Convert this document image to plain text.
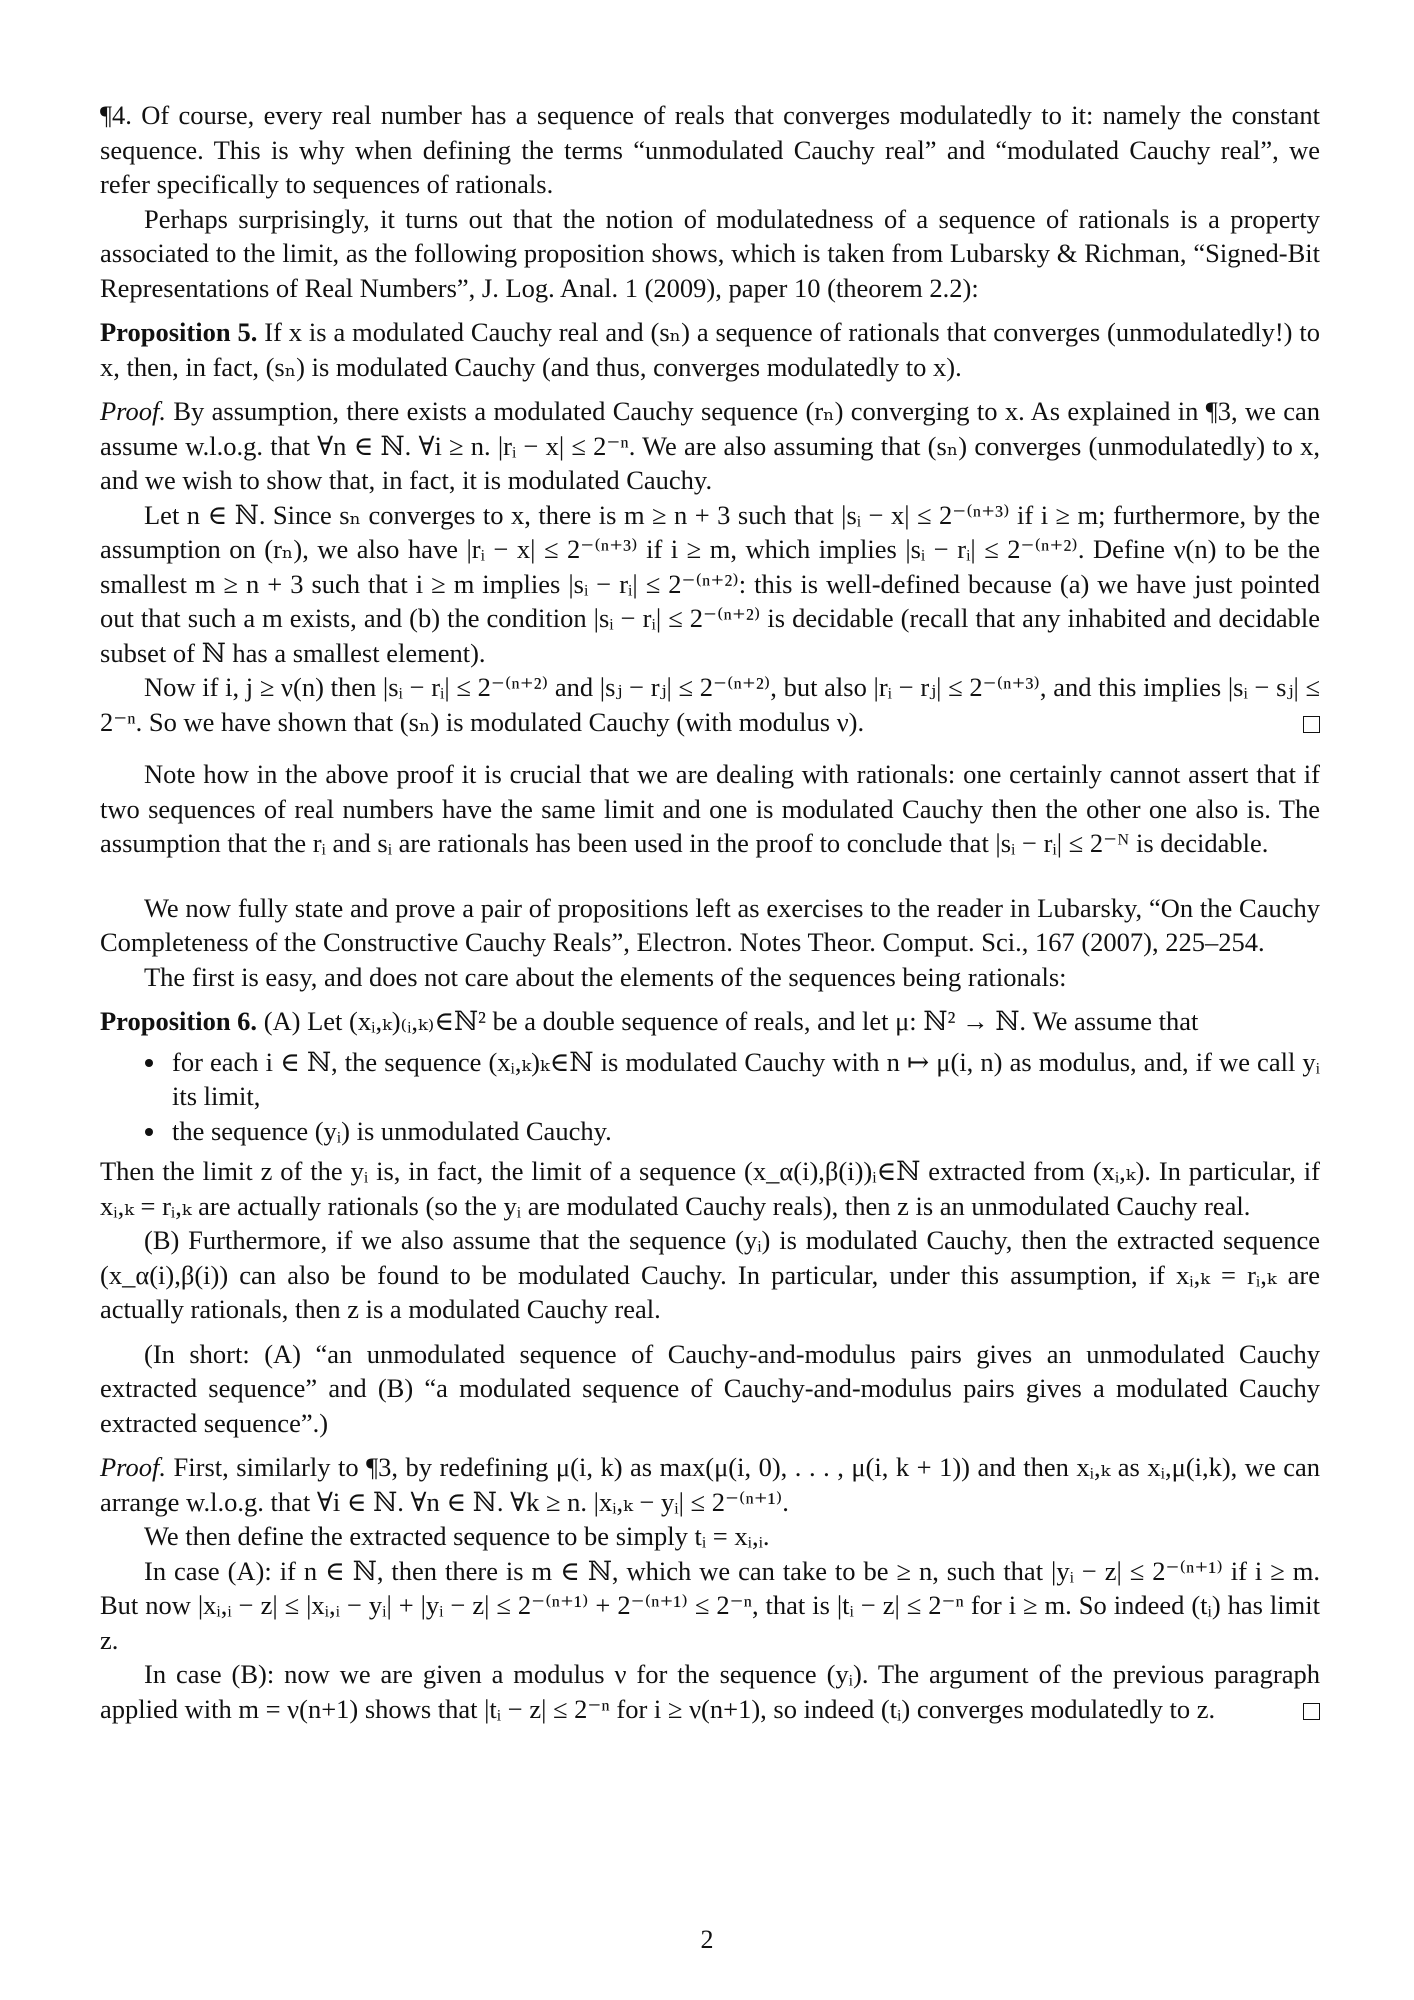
¶4. Of course, every real number has a sequence of reals that converges modulatedly to it: namely the constant sequence. This is why when defining the terms “unmodulated Cauchy real” and “modulated Cauchy real”, we refer specifically to sequences of rationals.

Perhaps surprisingly, it turns out that the notion of modulatedness of a sequence of rationals is a property associated to the limit, as the following proposition shows, which is taken from Lubarsky & Richman, “Signed-Bit Representations of Real Numbers”, J. Log. Anal. 1 (2009), paper 10 (theorem 2.2):

Proposition 5. If x is a modulated Cauchy real and (sₙ) a sequence of rationals that converges (unmodulatedly!) to x, then, in fact, (sₙ) is modulated Cauchy (and thus, converges modulatedly to x).

Proof. By assumption, there exists a modulated Cauchy sequence (rₙ) converging to x. As explained in ¶3, we can assume w.l.o.g. that ∀n ∈ ℕ. ∀i ≥ n. |rᵢ − x| ≤ 2⁻ⁿ. We are also assuming that (sₙ) converges (unmodulatedly) to x, and we wish to show that, in fact, it is modulated Cauchy.

Let n ∈ ℕ. Since sₙ converges to x, there is m ≥ n + 3 such that |sᵢ − x| ≤ 2⁻⁽ⁿ⁺³⁾ if i ≥ m; furthermore, by the assumption on (rₙ), we also have |rᵢ − x| ≤ 2⁻⁽ⁿ⁺³⁾ if i ≥ m, which implies |sᵢ − rᵢ| ≤ 2⁻⁽ⁿ⁺²⁾. Define ν(n) to be the smallest m ≥ n + 3 such that i ≥ m implies |sᵢ − rᵢ| ≤ 2⁻⁽ⁿ⁺²⁾: this is well-defined because (a) we have just pointed out that such a m exists, and (b) the condition |sᵢ − rᵢ| ≤ 2⁻⁽ⁿ⁺²⁾ is decidable (recall that any inhabited and decidable subset of ℕ has a smallest element).

Now if i, j ≥ ν(n) then |sᵢ − rᵢ| ≤ 2⁻⁽ⁿ⁺²⁾ and |sⱼ − rⱼ| ≤ 2⁻⁽ⁿ⁺²⁾, but also |rᵢ − rⱼ| ≤ 2⁻⁽ⁿ⁺³⁾, and this implies |sᵢ − sⱼ| ≤ 2⁻ⁿ. So we have shown that (sₙ) is modulated Cauchy (with modulus ν).

Note how in the above proof it is crucial that we are dealing with rationals: one certainly cannot assert that if two sequences of real numbers have the same limit and one is modulated Cauchy then the other one also is. The assumption that the rᵢ and sᵢ are rationals has been used in the proof to conclude that |sᵢ − rᵢ| ≤ 2⁻ᴺ is decidable.

We now fully state and prove a pair of propositions left as exercises to the reader in Lubarsky, “On the Cauchy Completeness of the Constructive Cauchy Reals”, Electron. Notes Theor. Comput. Sci., 167 (2007), 225–254.

The first is easy, and does not care about the elements of the sequences being rationals:

Proposition 6. (A) Let (xᵢ,ₖ)₍ᵢ,ₖ₎∈ℕ² be a double sequence of reals, and let μ: ℕ² → ℕ. We assume that

• for each i ∈ ℕ, the sequence (xᵢ,ₖ)ₖ∈ℕ is modulated Cauchy with n ↦ μ(i, n) as modulus, and, if we call yᵢ its limit,
• the sequence (yᵢ) is unmodulated Cauchy.

Then the limit z of the yᵢ is, in fact, the limit of a sequence (x_α(i),β(i))ᵢ∈ℕ extracted from (xᵢ,ₖ). In particular, if xᵢ,ₖ = rᵢ,ₖ are actually rationals (so the yᵢ are modulated Cauchy reals), then z is an unmodulated Cauchy real.

(B) Furthermore, if we also assume that the sequence (yᵢ) is modulated Cauchy, then the extracted sequence (x_α(i),β(i)) can also be found to be modulated Cauchy. In particular, under this assumption, if xᵢ,ₖ = rᵢ,ₖ are actually rationals, then z is a modulated Cauchy real.

(In short: (A) “an unmodulated sequence of Cauchy-and-modulus pairs gives an unmodulated Cauchy extracted sequence” and (B) “a modulated sequence of Cauchy-and-modulus pairs gives a modulated Cauchy extracted sequence”.)

Proof. First, similarly to ¶3, by redefining μ(i, k) as max(μ(i, 0), . . . , μ(i, k + 1)) and then xᵢ,ₖ as xᵢ,μ(i,k), we can arrange w.l.o.g. that ∀i ∈ ℕ. ∀n ∈ ℕ. ∀k ≥ n. |xᵢ,ₖ − yᵢ| ≤ 2⁻⁽ⁿ⁺¹⁾.

We then define the extracted sequence to be simply tᵢ = xᵢ,ᵢ.

In case (A): if n ∈ ℕ, then there is m ∈ ℕ, which we can take to be ≥ n, such that |yᵢ − z| ≤ 2⁻⁽ⁿ⁺¹⁾ if i ≥ m. But now |xᵢ,ᵢ − z| ≤ |xᵢ,ᵢ − yᵢ| + |yᵢ − z| ≤ 2⁻⁽ⁿ⁺¹⁾ + 2⁻⁽ⁿ⁺¹⁾ ≤ 2⁻ⁿ, that is |tᵢ − z| ≤ 2⁻ⁿ for i ≥ m. So indeed (tᵢ) has limit z.

In case (B): now we are given a modulus ν for the sequence (yᵢ). The argument of the previous paragraph applied with m = ν(n+1) shows that |tᵢ − z| ≤ 2⁻ⁿ for i ≥ ν(n+1), so indeed (tᵢ) converges modulatedly to z.

2
